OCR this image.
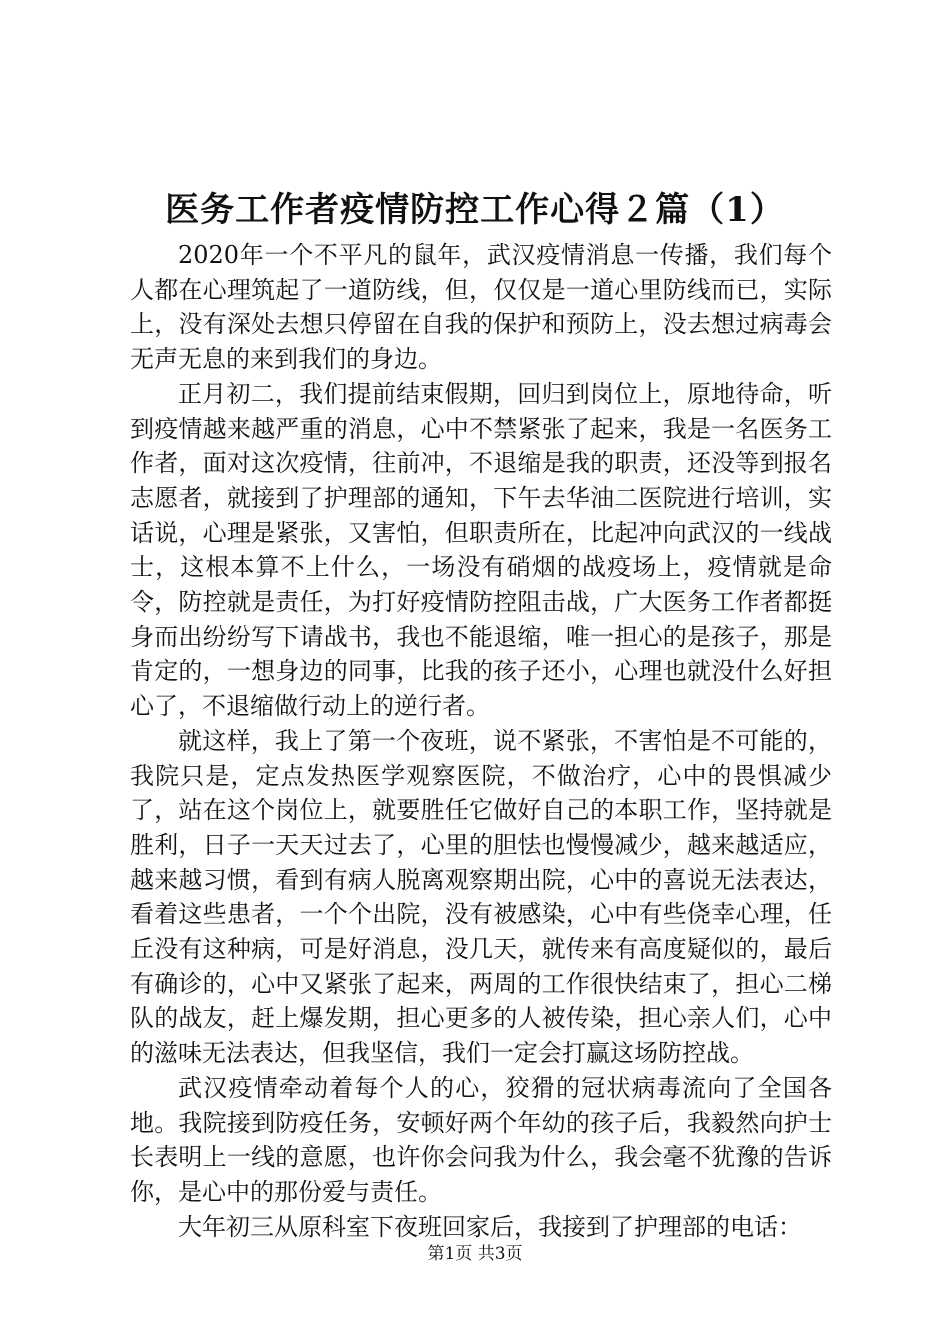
医务工作者疫情防控工作心得２篇（1）

2020年一个不平凡的鼠年，武汉疫情消息一传播，我们每个人都在心理筑起了一道防线，但，仅仅是一道心里防线而已，实际上，没有深处去想只停留在自我的保护和预防上，没去想过病毒会无声无息的来到我们的身边。

正月初二，我们提前结束假期，回归到岗位上，原地待命，听到疫情越来越严重的消息，心中不禁紧张了起来，我是一名医务工作者，面对这次疫情，往前冲，不退缩是我的职责，还没等到报名志愿者，就接到了护理部的通知，下午去华油二医院进行培训，实话说，心理是紧张，又害怕，但职责所在，比起冲向武汉的一线战士，这根本算不上什么，一场没有硝烟的战疫场上，疫情就是命令，防控就是责任，为打好疫情防控阻击战，广大医务工作者都挺身而出纷纷写下请战书，我也不能退缩，唯一担心的是孩子，那是肯定的，一想身边的同事，比我的孩子还小，心理也就没什么好担心了，不退缩做行动上的逆行者。

就这样，我上了第一个夜班，说不紧张，不害怕是不可能的，我院只是，定点发热医学观察医院，不做治疗，心中的畏惧减少了，站在这个岗位上，就要胜任它做好自己的本职工作，坚持就是胜利，日子一天天过去了，心里的胆怯也慢慢减少，越来越适应，越来越习惯，看到有病人脱离观察期出院，心中的喜说无法表达，看着这些患者，一个个出院，没有被感染，心中有些侥幸心理，任丘没有这种病，可是好消息，没几天，就传来有高度疑似的，最后有确诊的，心中又紧张了起来，两周的工作很快结束了，担心二梯队的战友，赶上爆发期，担心更多的人被传染，担心亲人们，心中的滋味无法表达，但我坚信，我们一定会打赢这场防控战。

武汉疫情牵动着每个人的心，狡猾的冠状病毒流向了全国各地。我院接到防疫任务，安顿好两个年幼的孩子后，我毅然向护士长表明上一线的意愿，也许你会问我为什么，我会毫不犹豫的告诉你，是心中的那份爱与责任。

大年初三从原科室下夜班回家后，我接到了护理部的电话：

第1页 共3页
